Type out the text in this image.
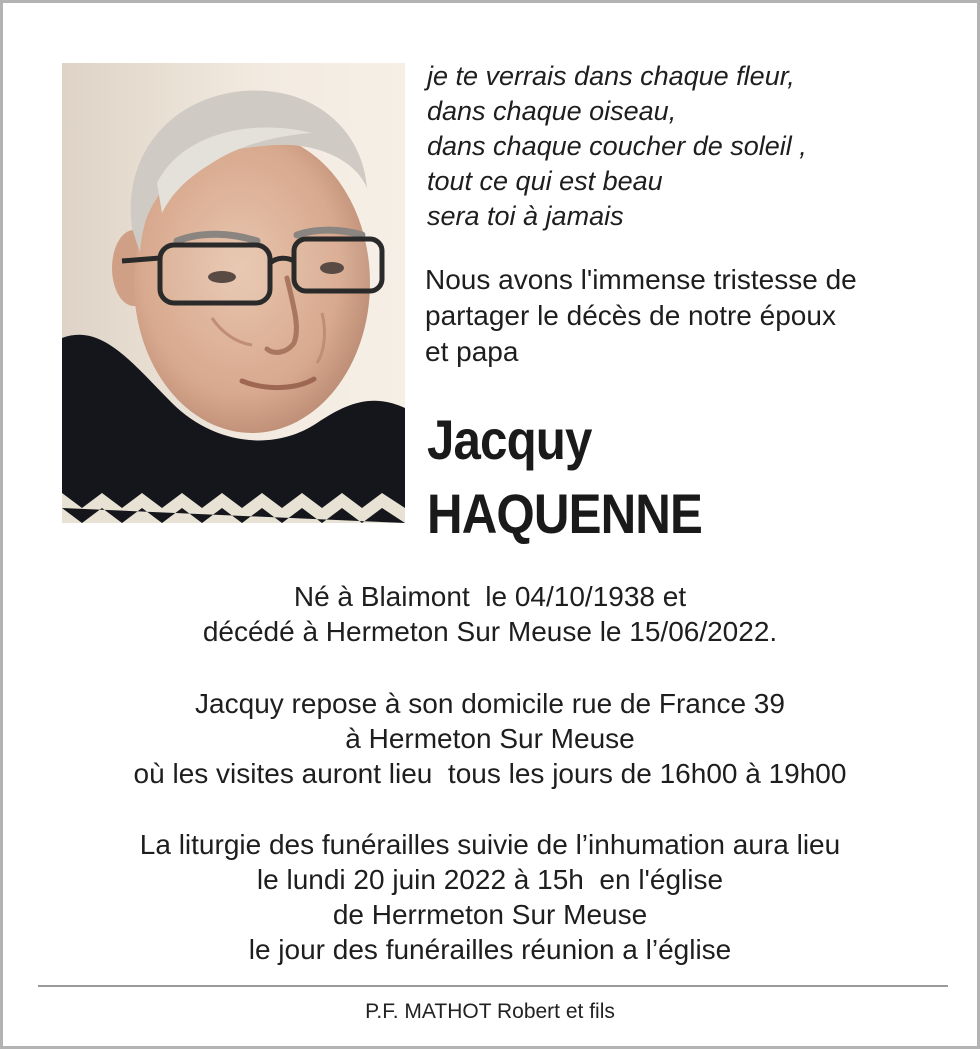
je te verrais dans chaque fleur,
dans chaque oiseau,
dans chaque coucher de soleil ,
tout ce qui est beau
sera toi à jamais
Nous avons l'immense tristesse de
partager le décès de notre époux
et papa
Jacquy
HAQUENNE
Né à Blaimont  le 04/10/1938 et
décédé à Hermeton Sur Meuse le 15/06/2022.
Jacquy repose à son domicile rue de France 39
à Hermeton Sur Meuse
où les visites auront lieu  tous les jours de 16h00 à 19h00
La liturgie des funérailles suivie de l’inhumation aura lieu
le lundi 20 juin 2022 à 15h  en l'église
de Herrmeton Sur Meuse
le jour des funérailles réunion a l’église
P.F. MATHOT Robert et fils
